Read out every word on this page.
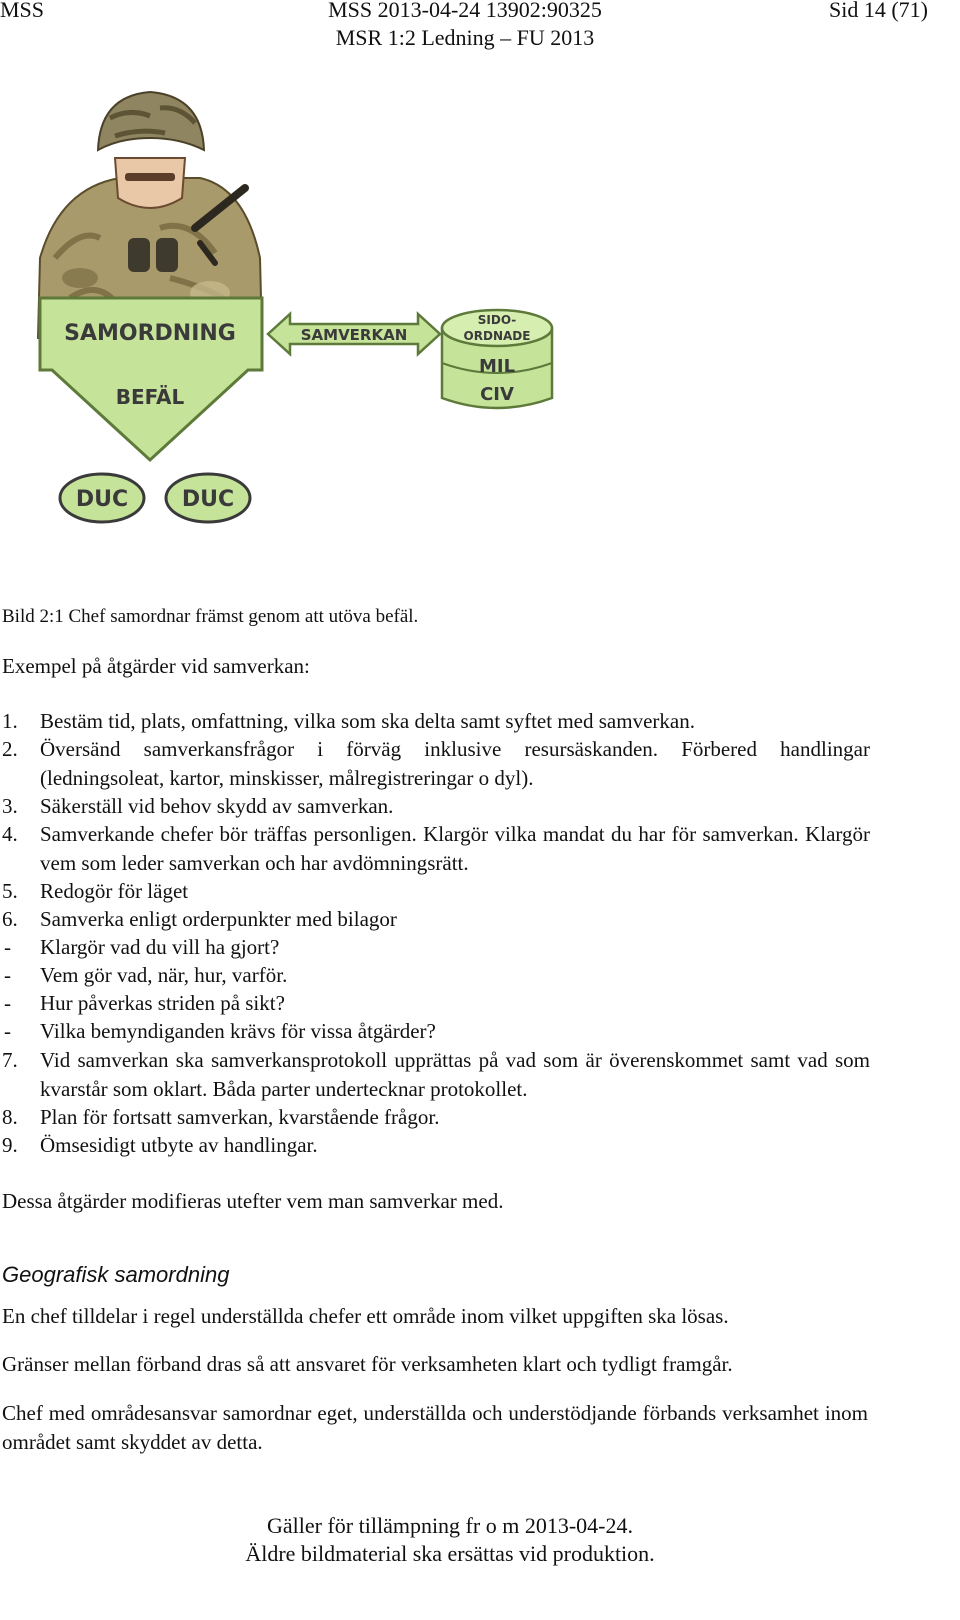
MSS	MSS 2013-04-24 13902:90325
MSR 1:2 Ledning – FU 2013
Sid 14 (71)
SAMORDNING
BEFÄL
SAMVERKAN
SIDO-
ORDNADE
MIL
CIV
DUC DUC
Bild 2:1 Chef samordnar främst genom att utöva befäl.
Exempel på åtgärder vid samverkan:
1.	Bestäm tid, plats, omfattning, vilka som ska delta samt syftet med samverkan.
2.	Översänd samverkansfrågor i förväg inklusive resursäskanden. Förbered handlingar (ledningsoleat, kartor, minskisser, målregistreringar o dyl).
3.	Säkerställ vid behov skydd av samverkan.
4.	Samverkande chefer bör träffas personligen. Klargör vilka mandat du har för samverkan. Klargör vem som leder samverkan och har avdömningsrätt.
5.	Redogör för läget
6.	Samverka enligt orderpunkter med bilagor
-	Klargör vad du vill ha gjort?
-	Vem gör vad, när, hur, varför.
-	Hur påverkas striden på sikt?
-	Vilka bemyndiganden krävs för vissa åtgärder?
7.	Vid samverkan ska samverkansprotokoll upprättas på vad som är överenskommet samt vad som kvarstår som oklart. Båda parter undertecknar protokollet.
8.	Plan för fortsatt samverkan, kvarstående frågor.
9.	Ömsesidigt utbyte av handlingar.
Dessa åtgärder modifieras utefter vem man samverkar med.
Geografisk samordning
En chef tilldelar i regel underställda chefer ett område inom vilket uppgiften ska lösas.
Gränser mellan förband dras så att ansvaret för verksamheten klart och tydligt framgår.
Chef med områdesansvar samordnar eget, underställda och understödjande förbands verksamhet inom området samt skyddet av detta.
Gäller för tillämpning fr o m 2013-04-24.
Äldre bildmaterial ska ersättas vid produktion.
